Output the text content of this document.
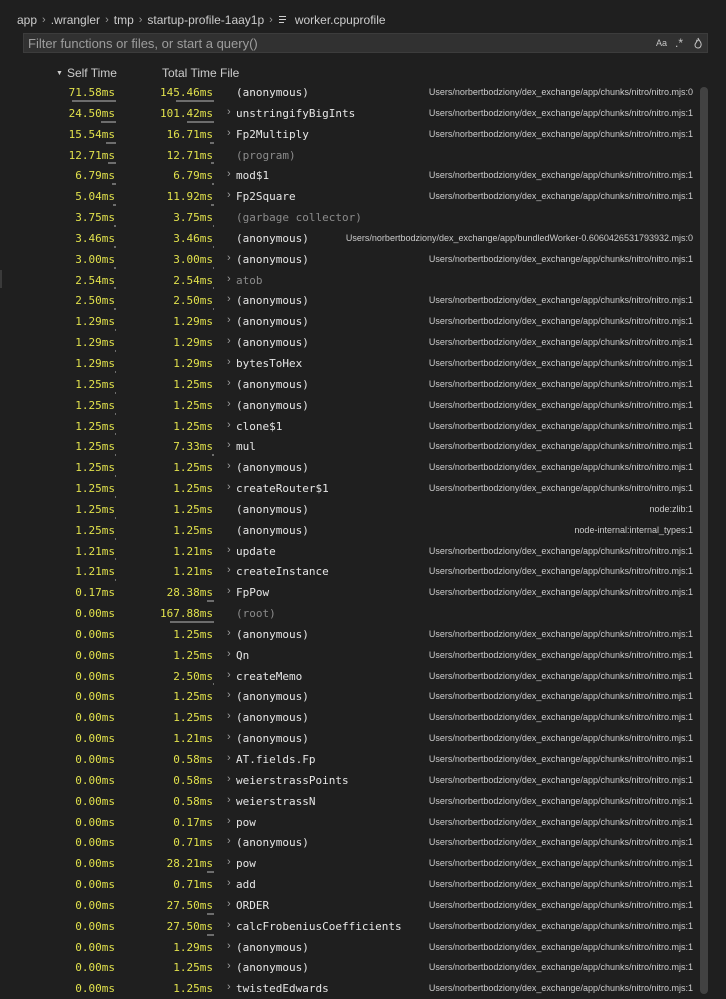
app › .wrangler › tmp › startup-profile-1aay1p › worker.cpuprofile
Filter functions or files, or start a query()
Aa .*
▼ Self Time	Total Time File
71.58ms	145.46ms (anonymous)	Users/norbertbodziony/dex_exchange/app/chunks/nitro/nitro.mjs:0
24.50ms	101.42ms › unstringifyBigInts	Users/norbertbodziony/dex_exchange/app/chunks/nitro/nitro.mjs:1
15.54ms	16.71ms › Fp2Multiply	Users/norbertbodziony/dex_exchange/app/chunks/nitro/nitro.mjs:1
12.71ms	12.71ms (program)
6.79ms	6.79ms › mod$1	Users/norbertbodziony/dex_exchange/app/chunks/nitro/nitro.mjs:1
5.04ms	11.92ms › Fp2Square	Users/norbertbodziony/dex_exchange/app/chunks/nitro/nitro.mjs:1
3.75ms	3.75ms (garbage collector)
3.46ms	3.46ms (anonymous)	Users/norbertbodziony/dex_exchange/app/bundledWorker-0.6060426531793932.mjs:0
3.00ms	3.00ms › (anonymous)	Users/norbertbodziony/dex_exchange/app/chunks/nitro/nitro.mjs:1
2.54ms	2.54ms › atob
2.50ms	2.50ms › (anonymous)	Users/norbertbodziony/dex_exchange/app/chunks/nitro/nitro.mjs:1
1.29ms	1.29ms › (anonymous)	Users/norbertbodziony/dex_exchange/app/chunks/nitro/nitro.mjs:1
1.29ms	1.29ms › (anonymous)	Users/norbertbodziony/dex_exchange/app/chunks/nitro/nitro.mjs:1
1.29ms	1.29ms › bytesToHex	Users/norbertbodziony/dex_exchange/app/chunks/nitro/nitro.mjs:1
1.25ms	1.25ms › (anonymous)	Users/norbertbodziony/dex_exchange/app/chunks/nitro/nitro.mjs:1
1.25ms	1.25ms › (anonymous)	Users/norbertbodziony/dex_exchange/app/chunks/nitro/nitro.mjs:1
1.25ms	1.25ms › clone$1	Users/norbertbodziony/dex_exchange/app/chunks/nitro/nitro.mjs:1
1.25ms	7.33ms › mul	Users/norbertbodziony/dex_exchange/app/chunks/nitro/nitro.mjs:1
1.25ms	1.25ms › (anonymous)	Users/norbertbodziony/dex_exchange/app/chunks/nitro/nitro.mjs:1
1.25ms	1.25ms › createRouter$1	Users/norbertbodziony/dex_exchange/app/chunks/nitro/nitro.mjs:1
1.25ms	1.25ms (anonymous)	node:zlib:1
1.25ms	1.25ms (anonymous)	node-internal:internal_types:1
1.21ms	1.21ms › update	Users/norbertbodziony/dex_exchange/app/chunks/nitro/nitro.mjs:1
1.21ms	1.21ms › createInstance	Users/norbertbodziony/dex_exchange/app/chunks/nitro/nitro.mjs:1
0.17ms	28.38ms › FpPow	Users/norbertbodziony/dex_exchange/app/chunks/nitro/nitro.mjs:1
0.00ms	167.88ms (root)
0.00ms	1.25ms › (anonymous)	Users/norbertbodziony/dex_exchange/app/chunks/nitro/nitro.mjs:1
0.00ms	1.25ms › Qn	Users/norbertbodziony/dex_exchange/app/chunks/nitro/nitro.mjs:1
0.00ms	2.50ms › createMemo	Users/norbertbodziony/dex_exchange/app/chunks/nitro/nitro.mjs:1
0.00ms	1.25ms › (anonymous)	Users/norbertbodziony/dex_exchange/app/chunks/nitro/nitro.mjs:1
0.00ms	1.25ms › (anonymous)	Users/norbertbodziony/dex_exchange/app/chunks/nitro/nitro.mjs:1
0.00ms	1.21ms › (anonymous)	Users/norbertbodziony/dex_exchange/app/chunks/nitro/nitro.mjs:1
0.00ms	0.58ms › AT.fields.Fp	Users/norbertbodziony/dex_exchange/app/chunks/nitro/nitro.mjs:1
0.00ms	0.58ms › weierstrassPoints	Users/norbertbodziony/dex_exchange/app/chunks/nitro/nitro.mjs:1
0.00ms	0.58ms › weierstrassN	Users/norbertbodziony/dex_exchange/app/chunks/nitro/nitro.mjs:1
0.00ms	0.17ms › pow	Users/norbertbodziony/dex_exchange/app/chunks/nitro/nitro.mjs:1
0.00ms	0.71ms › (anonymous)	Users/norbertbodziony/dex_exchange/app/chunks/nitro/nitro.mjs:1
0.00ms	28.21ms › pow	Users/norbertbodziony/dex_exchange/app/chunks/nitro/nitro.mjs:1
0.00ms	0.71ms › add	Users/norbertbodziony/dex_exchange/app/chunks/nitro/nitro.mjs:1
0.00ms	27.50ms › ORDER	Users/norbertbodziony/dex_exchange/app/chunks/nitro/nitro.mjs:1
0.00ms	27.50ms › calcFrobeniusCoefficients	Users/norbertbodziony/dex_exchange/app/chunks/nitro/nitro.mjs:1
0.00ms	1.29ms › (anonymous)	Users/norbertbodziony/dex_exchange/app/chunks/nitro/nitro.mjs:1
0.00ms	1.25ms › (anonymous)	Users/norbertbodziony/dex_exchange/app/chunks/nitro/nitro.mjs:1
0.00ms	1.25ms › twistedEdwards	Users/norbertbodziony/dex_exchange/app/chunks/nitro/nitro.mjs:1
